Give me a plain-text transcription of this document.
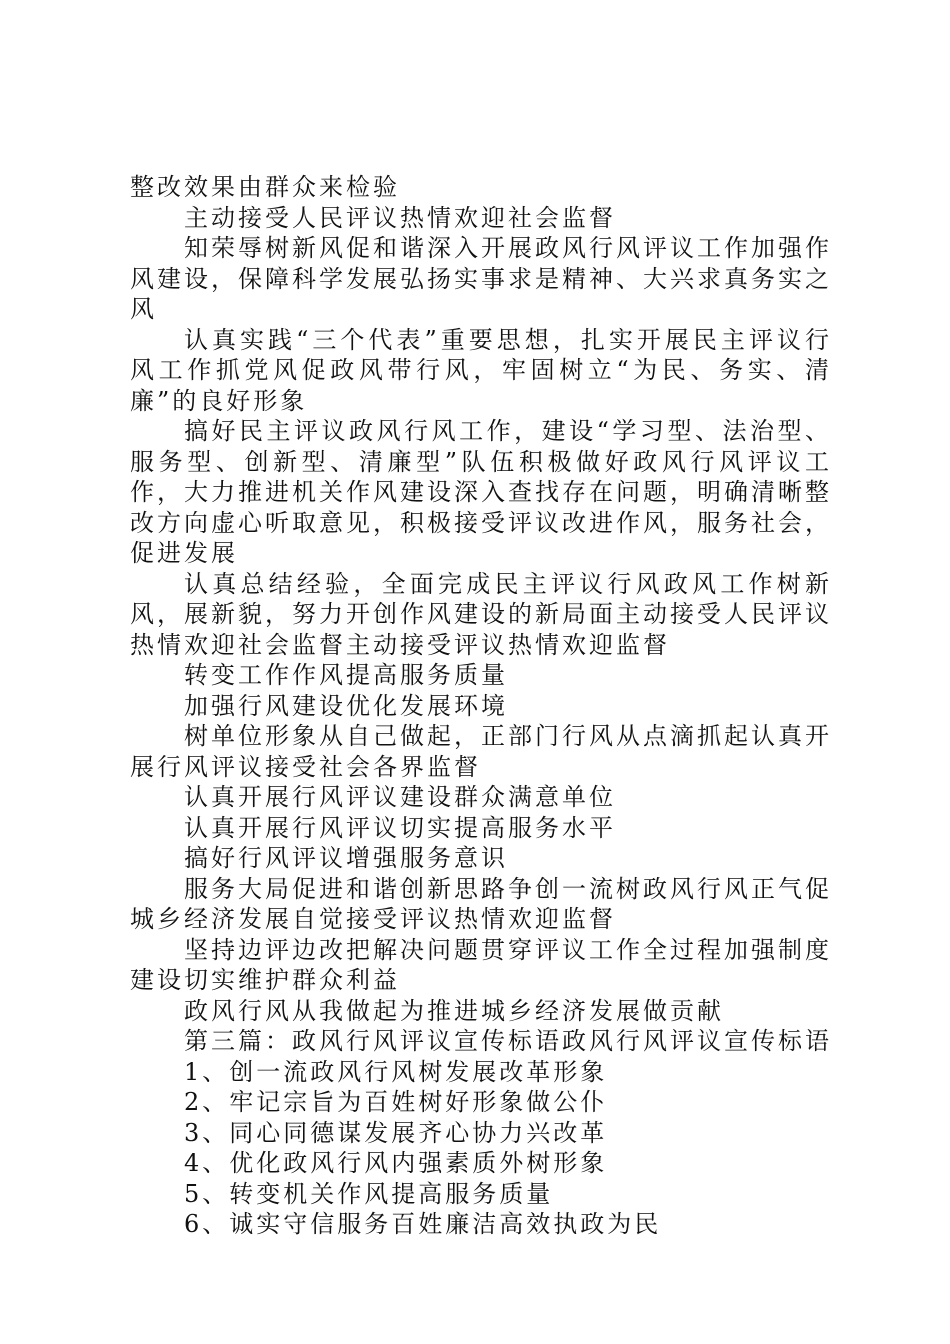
整改效果由群众来检验

主动接受人民评议热情欢迎社会监督

知荣辱树新风促和谐深入开展政风行风评议工作加强作风建设，保障科学发展弘扬实事求是精神、大兴求真务实之风

认真实践“三个代表”重要思想，扎实开展民主评议行风工作抓党风促政风带行风，牢固树立“为民、务实、清廉”的良好形象

搞好民主评议政风行风工作，建设“学习型、法治型、服务型、创新型、清廉型”队伍积极做好政风行风评议工作，大力推进机关作风建设深入查找存在问题，明确清晰整改方向虚心听取意见，积极接受评议改进作风，服务社会，促进发展

认真总结经验，全面完成民主评议行风政风工作树新风，展新貌，努力开创作风建设的新局面主动接受人民评议热情欢迎社会监督主动接受评议热情欢迎监督

转变工作作风提高服务质量

加强行风建设优化发展环境

树单位形象从自己做起，正部门行风从点滴抓起认真开展行风评议接受社会各界监督

认真开展行风评议建设群众满意单位

认真开展行风评议切实提高服务水平

搞好行风评议增强服务意识

服务大局促进和谐创新思路争创一流树政风行风正气促城乡经济发展自觉接受评议热情欢迎监督

坚持边评边改把解决问题贯穿评议工作全过程加强制度建设切实维护群众利益

政风行风从我做起为推进城乡经济发展做贡献

第三篇：政风行风评议宣传标语政风行风评议宣传标语

1、创一流政风行风树发展改革形象

2、牢记宗旨为百姓树好形象做公仆

3、同心同德谋发展齐心协力兴改革

4、优化政风行风内强素质外树形象

5、转变机关作风提高服务质量

6、诚实守信服务百姓廉洁高效执政为民
